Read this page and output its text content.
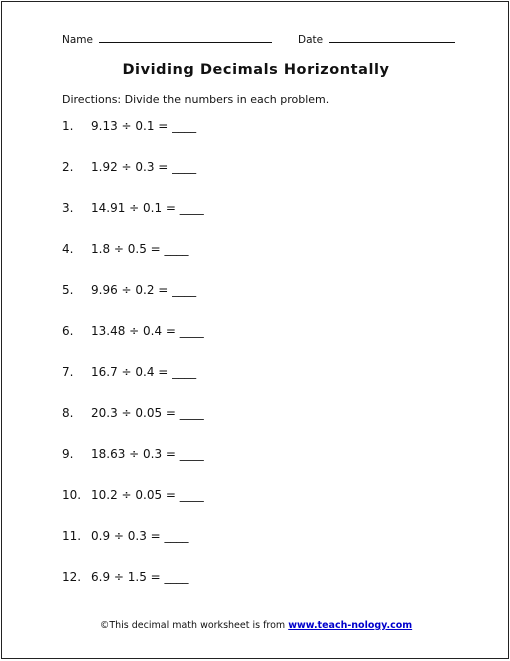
Name	Date
Dividing Decimals Horizontally
Directions: Divide the numbers in each problem.
1. 9.13 ÷ 0.1 = ____
2. 1.92 ÷ 0.3 = ____
3. 14.91 ÷ 0.1 = ____
4. 1.8 ÷ 0.5 = ____
5. 9.96 ÷ 0.2 = ____
6. 13.48 ÷ 0.4 = ____
7. 16.7 ÷ 0.4 = ____
8. 20.3 ÷ 0.05 = ____
9. 18.63 ÷ 0.3 = ____
10. 10.2 ÷ 0.05 = ____
11. 0.9 ÷ 0.3 = ____
12. 6.9 ÷ 1.5 = ____
©This decimal math worksheet is from www.teach-nology.com
